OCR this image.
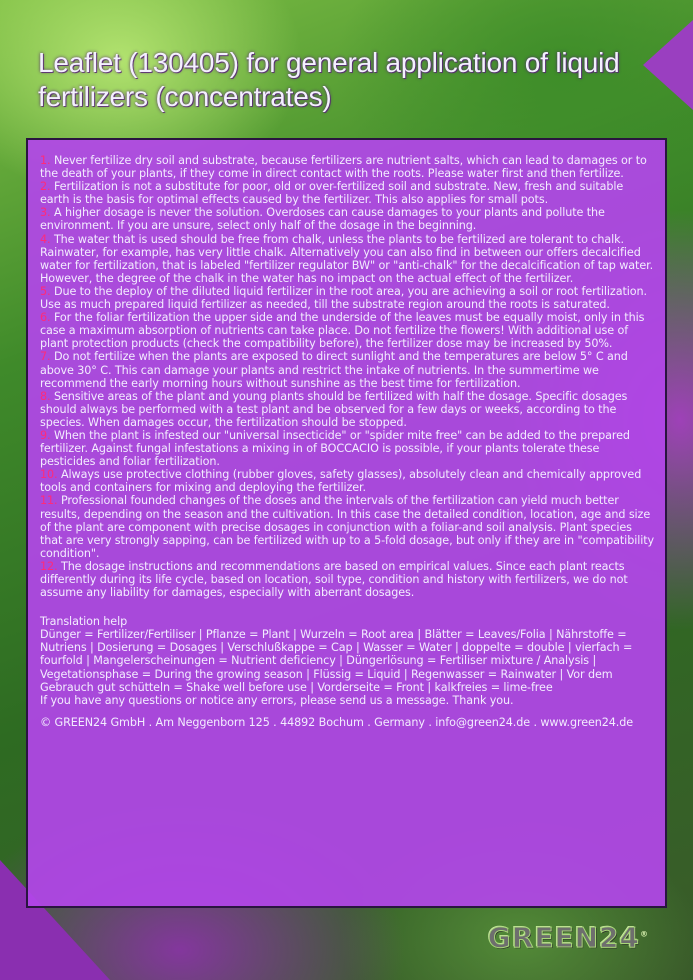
Leaflet (130405) for general application of liquid fertilizers (concentrates)

1. Never fertilize dry soil and substrate, because fertilizers are nutrient salts, which can lead to damages or to the death of your plants, if they come in direct contact with the roots. Please water first and then fertilize.

2. Fertilization is not a substitute for poor, old or over-fertilized soil and substrate. New, fresh and suitable earth is the basis for optimal effects caused by the fertilizer. This also applies for small pots.

3. A higher dosage is never the solution. Overdoses can cause damages to your plants and pollute the environment. If you are unsure, select only half of the dosage in the beginning.

4. The water that is used should be free from chalk, unless the plants to be fertilized are tolerant to chalk. Rainwater, for example, has very little chalk. Alternatively you can also find in between our offers decalcified water for fertilization, that is labeled "fertilizer regulator BW" or "anti-chalk" for the decalcification of tap water. However, the degree of the chalk in the water has no impact on the actual effect of the fertilizer.

5. Due to the deploy of the diluted liquid fertilizer in the root area, you are achieving a soil or root fertilization. Use as much prepared liquid fertilizer as needed, till the substrate region around the roots is saturated.

6. For the foliar fertilization the upper side and the underside of the leaves must be equally moist, only in this case a maximum absorption of nutrients can take place. Do not fertilize the flowers! With additional use of plant protection products (check the compatibility before), the fertilizer dose may be increased by 50%.

7. Do not fertilize when the plants are exposed to direct sunlight and the temperatures are below 5° C and above 30° C. This can damage your plants and restrict the intake of nutrients. In the summertime we recommend the early morning hours without sunshine as the best time for fertilization.

8. Sensitive areas of the plant and young plants should be fertilized with half the dosage. Specific dosages should always be performed with a test plant and be observed for a few days or weeks, according to the species. When damages occur, the fertilization should be stopped.

9. When the plant is infested our "universal insecticide" or "spider mite free" can be added to the prepared fertilizer. Against fungal infestations a mixing in of BOCCACIO is possible, if your plants tolerate these pesticides and foliar fertilization.

10. Always use protective clothing (rubber gloves, safety glasses), absolutely clean and chemically approved tools and containers for mixing and deploying the fertilizer.

11. Professional founded changes of the doses and the intervals of the fertilization can yield much better results, depending on the season and the cultivation. In this case the detailed condition, location, age and size of the plant are component with precise dosages in conjunction with a foliar-and soil analysis. Plant species that are very strongly sapping, can be fertilized with up to a 5-fold dosage, but only if they are in "compatibility condition".

12. The dosage instructions and recommendations are based on empirical values. Since each plant reacts differently during its life cycle, based on location, soil type, condition and history with fertilizers, we do not assume any liability for damages, especially with aberrant dosages.

Translation help

Dünger = Fertilizer/Fertiliser | Pflanze = Plant | Wurzeln = Root area | Blätter = Leaves/Folia | Nährstoffe = Nutriens | Dosierung = Dosages | Verschlußkappe = Cap | Wasser = Water | doppelte = double | vierfach = fourfold | Mangelerscheinungen = Nutrient deficiency | Düngerlösung = Fertiliser mixture / Analysis | Vegetationsphase = During the growing season | Flüssig = Liquid | Regenwasser = Rainwater | Vor dem Gebrauch gut schütteln = Shake well before use | Vorderseite = Front | kalkfreies = lime-free

If you have any questions or notice any errors, please send us a message. Thank you.

© GREEN24 GmbH . Am Neggenborn 125 . 44892 Bochum . Germany . info@green24.de . www.green24.de

GREEN24®
